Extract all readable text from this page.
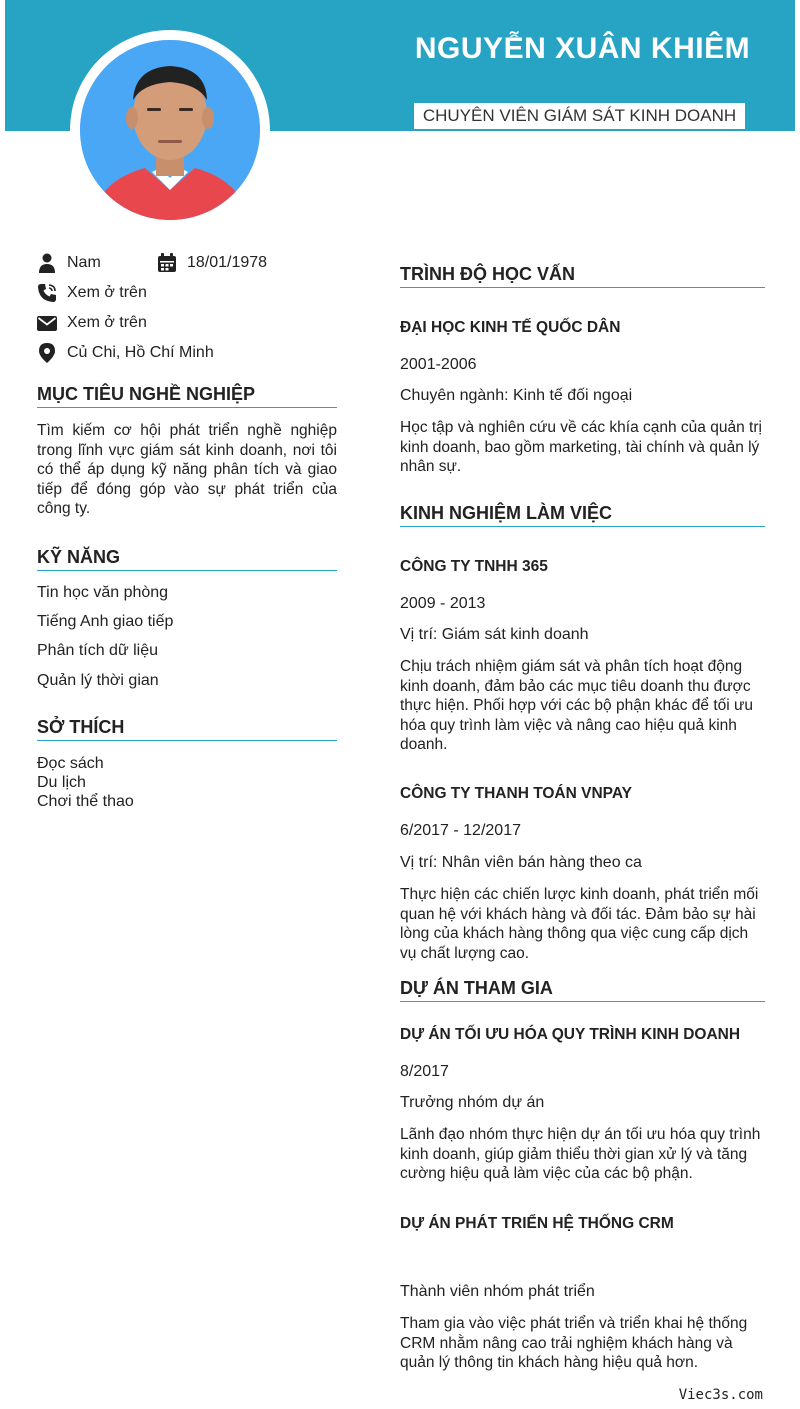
NGUYỄN XUÂN KHIÊM
CHUYÊN VIÊN GIÁM SÁT KINH DOANH
Nam	18/01/1978
Xem ở trên
Xem ở trên
Củ Chi, Hồ Chí Minh
MỤC TIÊU NGHỀ NGHIỆP
Tìm kiếm cơ hội phát triển nghề nghiệp trong lĩnh vực giám sát kinh doanh, nơi tôi có thể áp dụng kỹ năng phân tích và giao tiếp để đóng góp vào sự phát triển của công ty.
KỸ NĂNG
Tin học văn phòng
Tiếng Anh giao tiếp
Phân tích dữ liệu
Quản lý thời gian
SỞ THÍCH
Đọc sách
Du lịch
Chơi thể thao
TRÌNH ĐỘ HỌC VẤN
ĐẠI HỌC KINH TẾ QUỐC DÂN
2001-2006
Chuyên ngành: Kinh tế đối ngoại
Học tập và nghiên cứu về các khía cạnh của quản trị kinh doanh, bao gồm marketing, tài chính và quản lý nhân sự.
KINH NGHIỆM LÀM VIỆC
CÔNG TY TNHH 365
2009 - 2013
Vị trí: Giám sát kinh doanh
Chịu trách nhiệm giám sát và phân tích hoạt động kinh doanh, đảm bảo các mục tiêu doanh thu được thực hiện. Phối hợp với các bộ phận khác để tối ưu hóa quy trình làm việc và nâng cao hiệu quả kinh doanh.
CÔNG TY THANH TOÁN VNPAY
6/2017 - 12/2017
Vị trí: Nhân viên bán hàng theo ca
Thực hiện các chiến lược kinh doanh, phát triển mối quan hệ với khách hàng và đối tác. Đảm bảo sự hài lòng của khách hàng thông qua việc cung cấp dịch vụ chất lượng cao.
DỰ ÁN THAM GIA
DỰ ÁN TỐI ƯU HÓA QUY TRÌNH KINH DOANH
8/2017
Trưởng nhóm dự án
Lãnh đạo nhóm thực hiện dự án tối ưu hóa quy trình kinh doanh, giúp giảm thiểu thời gian xử lý và tăng cường hiệu quả làm việc của các bộ phận.
DỰ ÁN PHÁT TRIỂN HỆ THỐNG CRM
Thành viên nhóm phát triển
Tham gia vào việc phát triển và triển khai hệ thống CRM nhằm nâng cao trải nghiệm khách hàng và quản lý thông tin khách hàng hiệu quả hơn.
Viec3s.com
